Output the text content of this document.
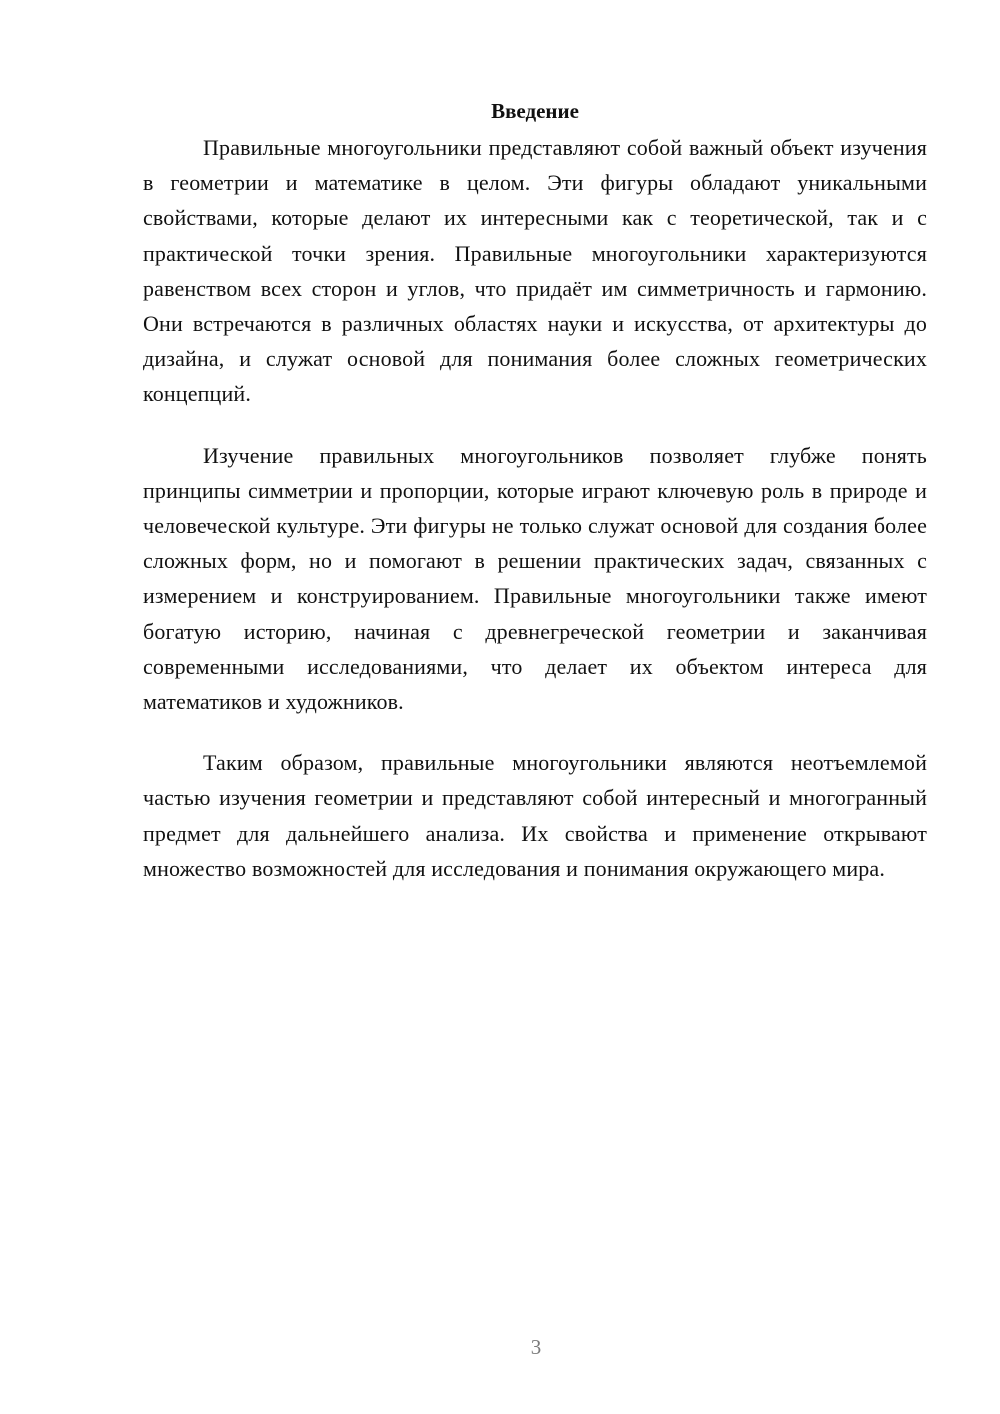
Введение

Правильные многоугольники представляют собой важный объект изучения в геометрии и математике в целом. Эти фигуры обладают уникальными свойствами, которые делают их интересными как с теоретической, так и с практической точки зрения. Правильные многоугольники характеризуются равенством всех сторон и углов, что придаёт им симметричность и гармонию. Они встречаются в различных областях науки и искусства, от архитектуры до дизайна, и служат основой для понимания более сложных геометрических концепций.

Изучение правильных многоугольников позволяет глубже понять принципы симметрии и пропорции, которые играют ключевую роль в природе и человеческой культуре. Эти фигуры не только служат основой для создания более сложных форм, но и помогают в решении практических задач, связанных с измерением и конструированием. Правильные многоугольники также имеют богатую историю, начиная с древнегреческой геометрии и заканчивая современными исследованиями, что делает их объектом интереса для математиков и художников.

Таким образом, правильные многоугольники являются неотъемлемой частью изучения геометрии и представляют собой интересный и многогранный предмет для дальнейшего анализа. Их свойства и применение открывают множество возможностей для исследования и понимания окружающего мира.

3
